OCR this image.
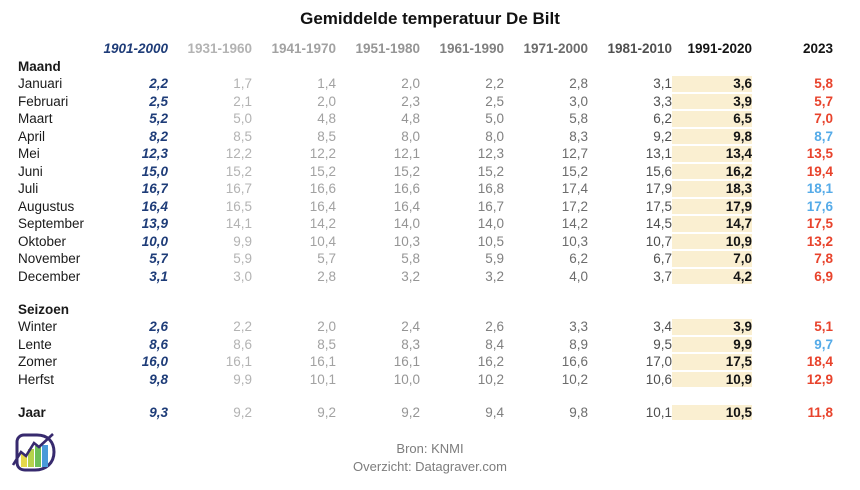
Gemiddelde temperatuur De Bilt
	1901-2000	1931-1960	1941-1970	1951-1980	1961-1990	1971-2000	1981-2010	1991-2020	2023
Maand									
Januari	2,2	1,7	1,4	2,0	2,2	2,8	3,1	3,6	5,8
Februari	2,5	2,1	2,0	2,3	2,5	3,0	3,3	3,9	5,7
Maart	5,2	5,0	4,8	4,8	5,0	5,8	6,2	6,5	7,0
April	8,2	8,5	8,5	8,0	8,0	8,3	9,2	9,8	8,7
Mei	12,3	12,2	12,2	12,1	12,3	12,7	13,1	13,4	13,5
Juni	15,0	15,2	15,2	15,2	15,2	15,2	15,6	16,2	19,4
Juli	16,7	16,7	16,6	16,6	16,8	17,4	17,9	18,3	18,1
Augustus	16,4	16,5	16,4	16,4	16,7	17,2	17,5	17,9	17,6
September	13,9	14,1	14,2	14,0	14,0	14,2	14,5	14,7	17,5
Oktober	10,0	9,9	10,4	10,3	10,5	10,3	10,7	10,9	13,2
November	5,7	5,9	5,7	5,8	5,9	6,2	6,7	7,0	7,8
December	3,1	3,0	2,8	3,2	3,2	4,0	3,7	4,2	6,9

Seizoen									
Winter	2,6	2,2	2,0	2,4	2,6	3,3	3,4	3,9	5,1
Lente	8,6	8,6	8,5	8,3	8,4	8,9	9,5	9,9	9,7
Zomer	16,0	16,1	16,1	16,1	16,2	16,6	17,0	17,5	18,4
Herfst	9,8	9,9	10,1	10,0	10,2	10,2	10,6	10,9	12,9

Jaar	9,3	9,2	9,2	9,2	9,4	9,8	10,1	10,5	11,8
Bron: KNMI
Overzicht: Datagraver.com
